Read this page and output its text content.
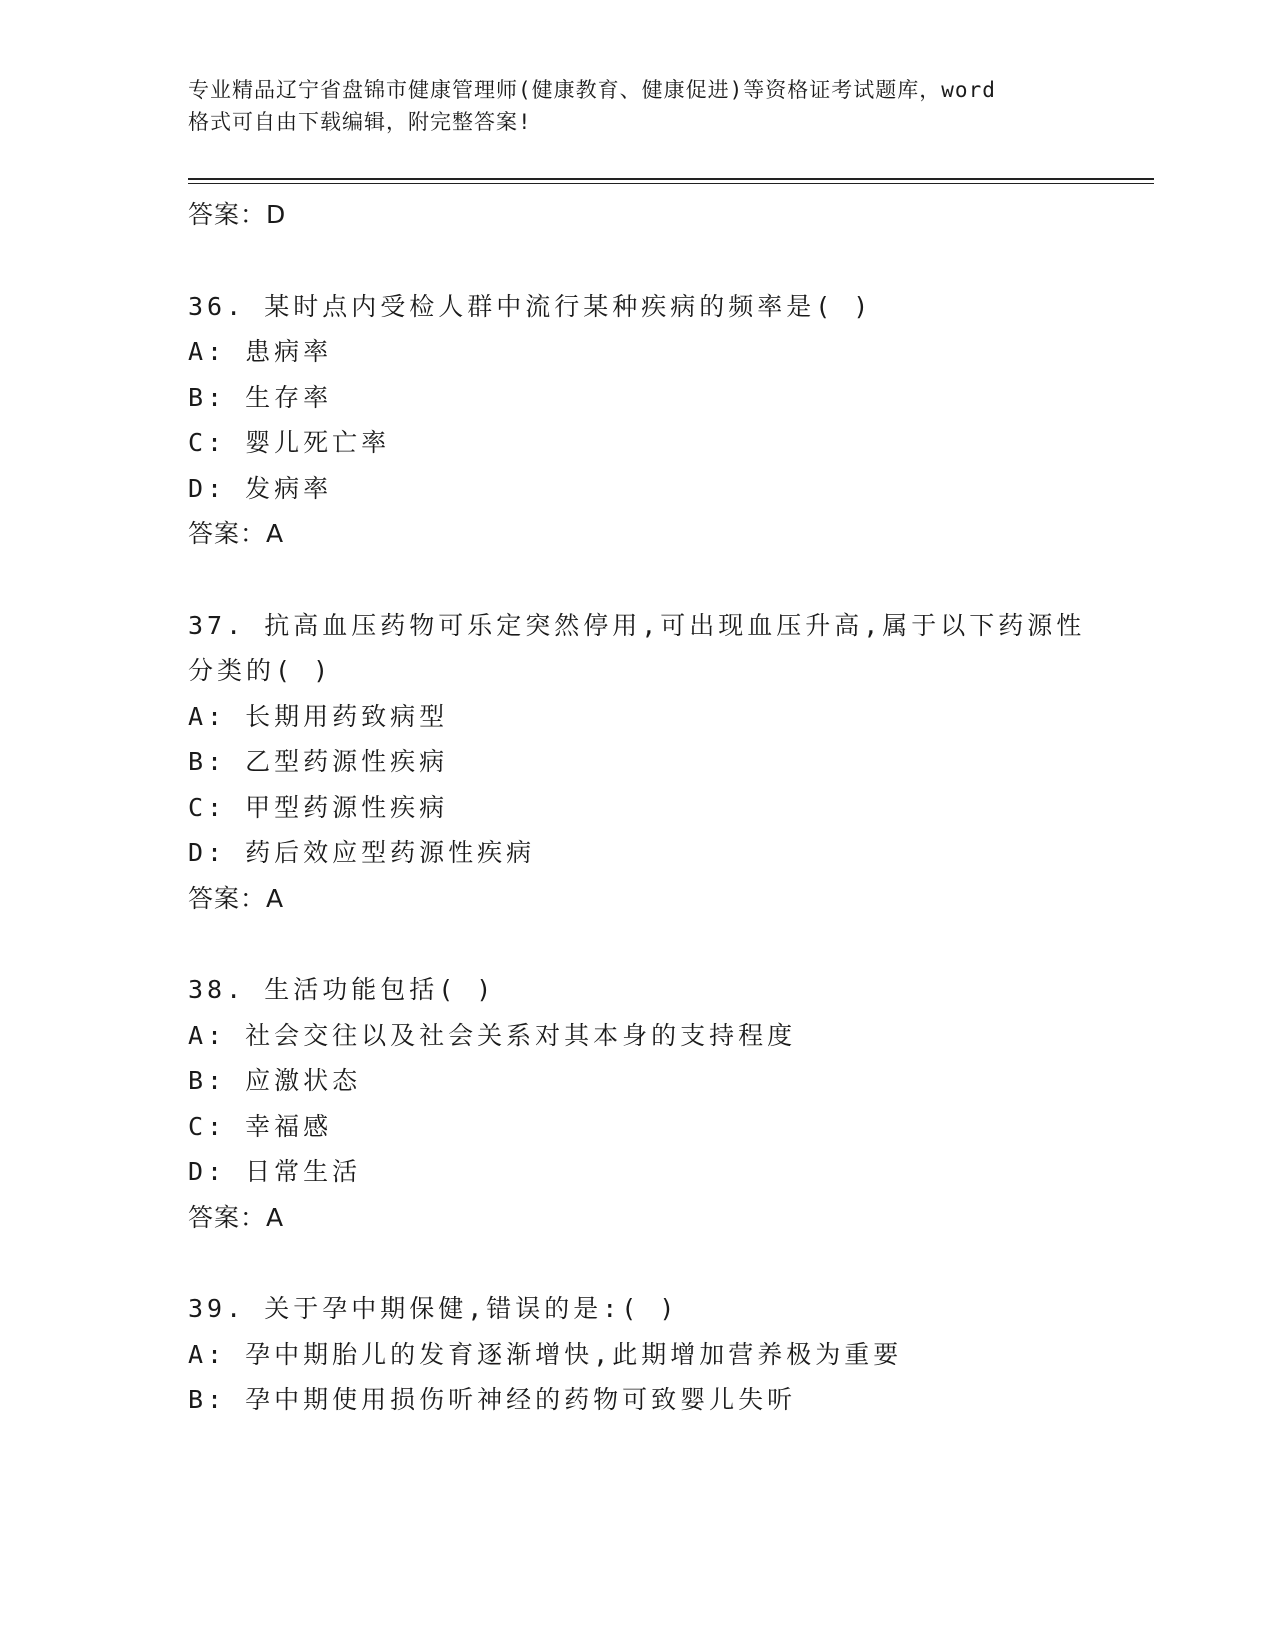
专业精品辽宁省盘锦市健康管理师(健康教育、健康促进)等资格证考试题库，word
格式可自由下载编辑，附完整答案!
答案：D
36. 某时点内受检人群中流行某种疾病的频率是( )
A: 患病率
B: 生存率
C: 婴儿死亡率
D: 发病率
答案：A
37. 抗高血压药物可乐定突然停用,可出现血压升高,属于以下药源性
分类的( )
A: 长期用药致病型
B: 乙型药源性疾病
C: 甲型药源性疾病
D: 药后效应型药源性疾病
答案：A
38. 生活功能包括( )
A: 社会交往以及社会关系对其本身的支持程度
B: 应激状态
C: 幸福感
D: 日常生活
答案：A
39. 关于孕中期保健,错误的是:( )
A: 孕中期胎儿的发育逐渐增快,此期增加营养极为重要
B: 孕中期使用损伤听神经的药物可致婴儿失听
